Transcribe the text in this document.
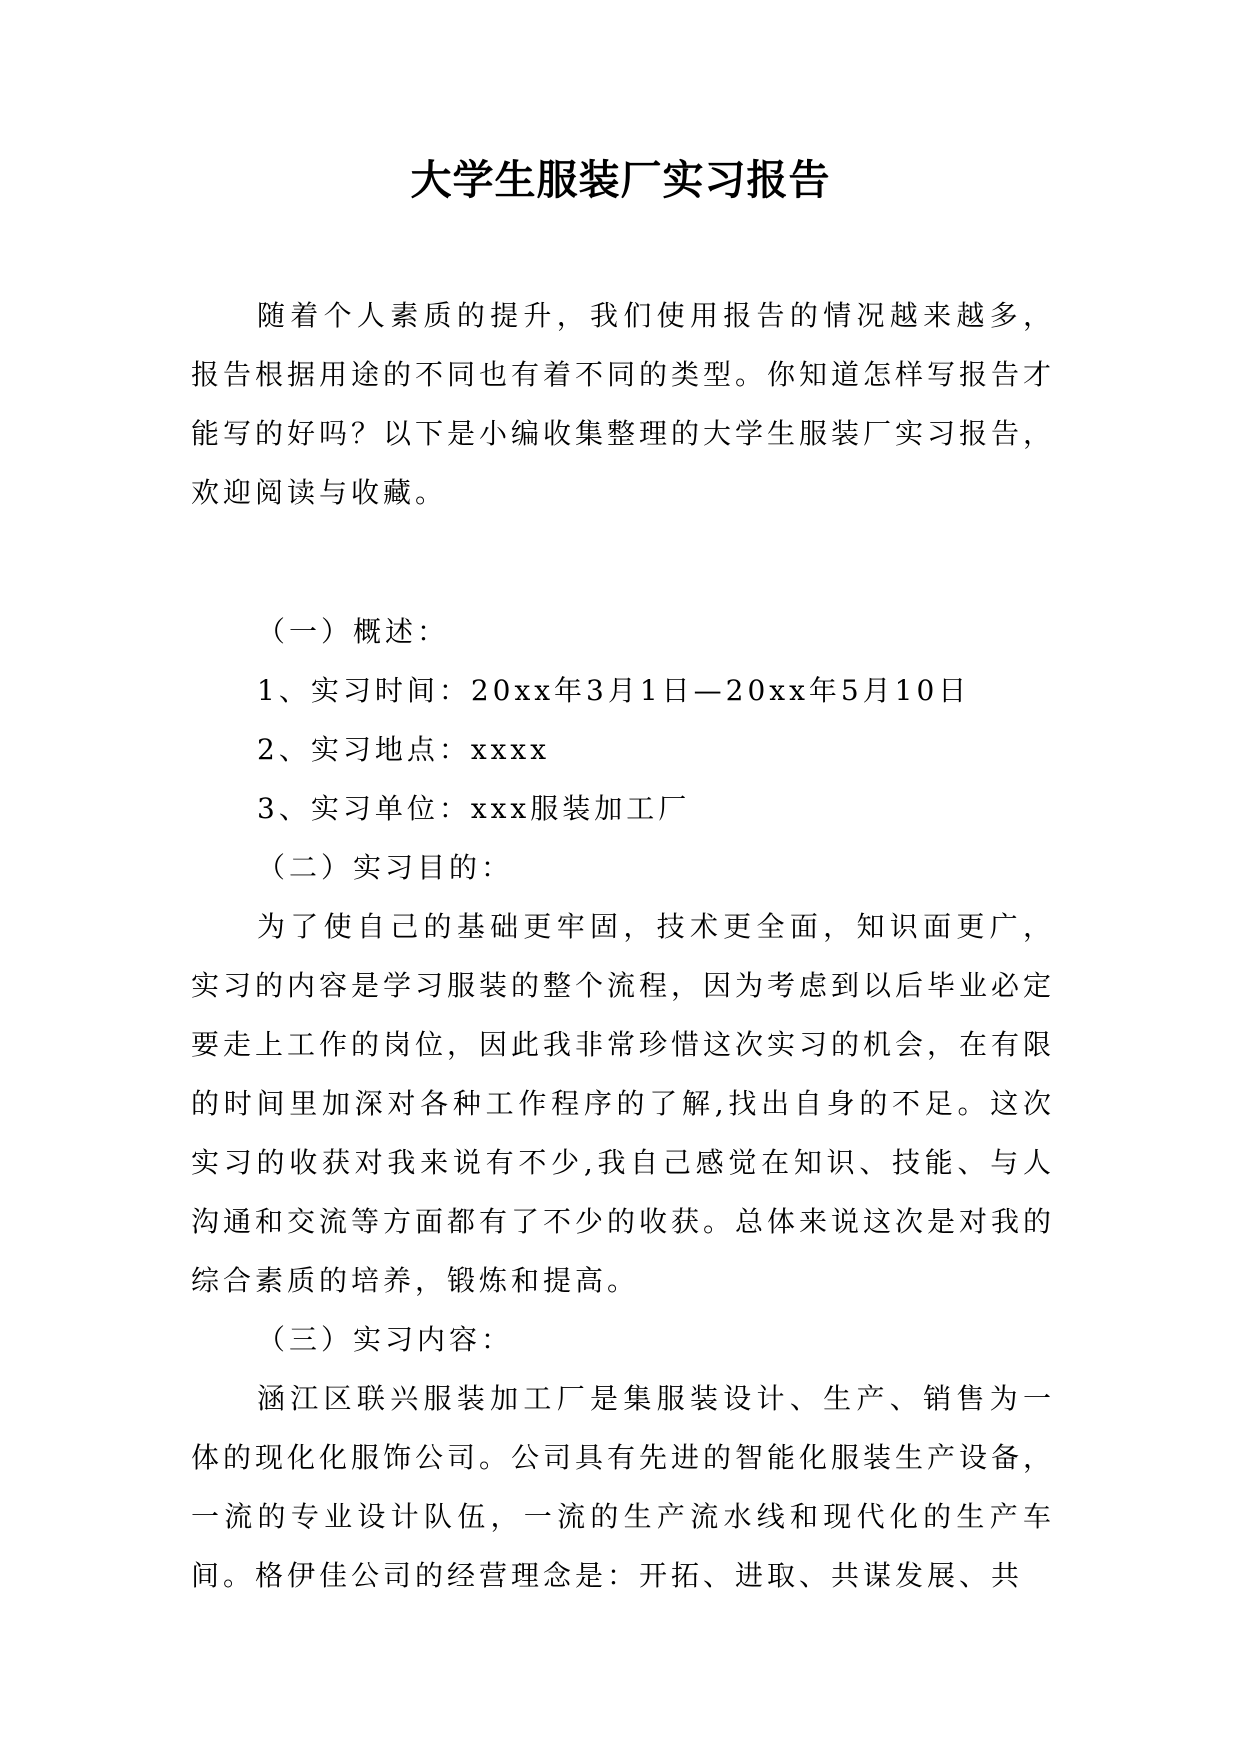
大学生服装厂实习报告

随着个人素质的提升，我们使用报告的情况越来越多，报告根据用途的不同也有着不同的类型。你知道怎样写报告才能写的好吗？以下是小编收集整理的大学生服装厂实习报告，欢迎阅读与收藏。

（一）概述：

1、实习时间：20xx年3月1日—20xx年5月10日

2、实习地点：xxxx

3、实习单位：xxx服装加工厂

（二）实习目的：

为了使自己的基础更牢固，技术更全面，知识面更广，实习的内容是学习服装的整个流程，因为考虑到以后毕业必定要走上工作的岗位，因此我非常珍惜这次实习的机会，在有限的时间里加深对各种工作程序的了解,找出自身的不足。这次实习的收获对我来说有不少,我自己感觉在知识、技能、与人沟通和交流等方面都有了不少的收获。总体来说这次是对我的综合素质的培养，锻炼和提高。

（三）实习内容：

涵江区联兴服装加工厂是集服装设计、生产、销售为一体的现化化服饰公司。公司具有先进的智能化服装生产设备，一流的专业设计队伍，一流的生产流水线和现代化的生产车间。格伊佳公司的经营理念是：开拓、进取、共谋发展、共
